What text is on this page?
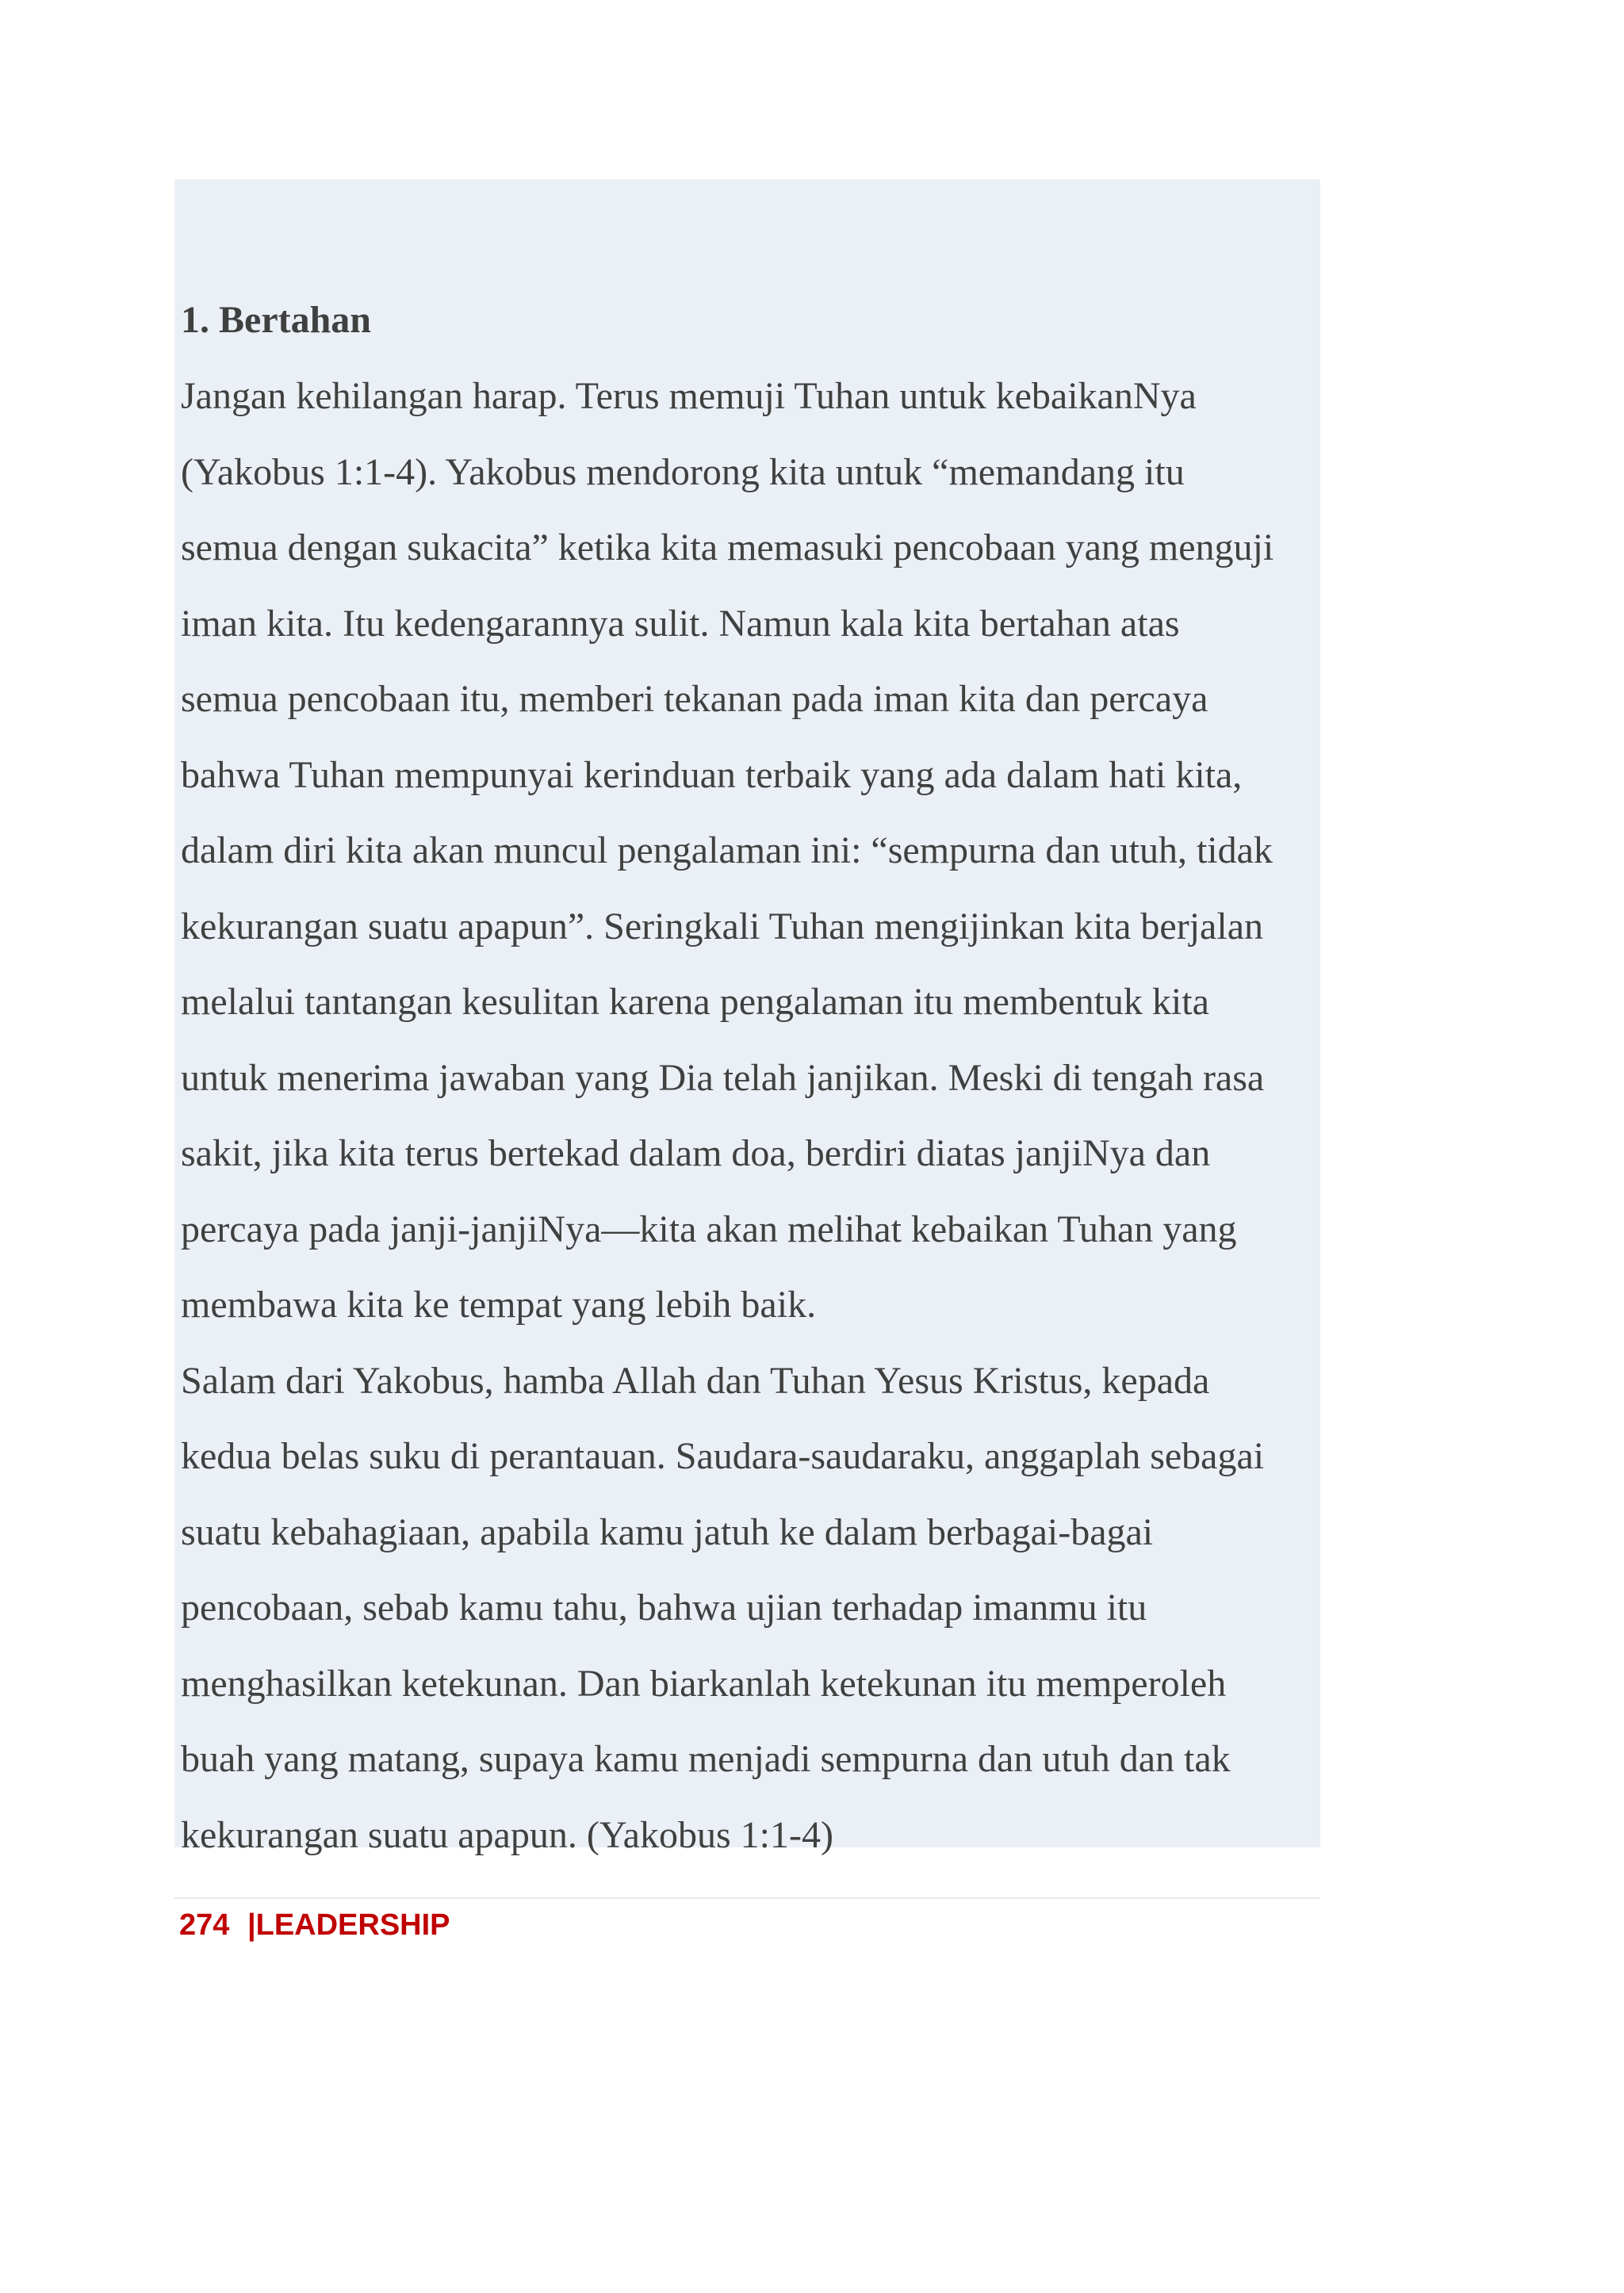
1. Bertahan

Jangan kehilangan harap. Terus memuji Tuhan untuk kebaikanNya

(Yakobus 1:1-4). Yakobus mendorong kita untuk “memandang itu

semua dengan sukacita” ketika kita memasuki pencobaan yang menguji

iman kita. Itu kedengarannya sulit. Namun kala kita bertahan atas

semua pencobaan itu, memberi tekanan pada iman kita dan percaya

bahwa Tuhan mempunyai kerinduan terbaik yang ada dalam hati kita,

dalam diri kita akan muncul pengalaman ini: “sempurna dan utuh, tidak

kekurangan suatu apapun”. Seringkali Tuhan mengijinkan kita berjalan

melalui tantangan kesulitan karena pengalaman itu membentuk kita

untuk menerima jawaban yang Dia telah janjikan. Meski di tengah rasa

sakit, jika kita terus bertekad dalam doa, berdiri diatas janjiNya dan

percaya pada janji-janjiNya—kita akan melihat kebaikan Tuhan yang

membawa kita ke tempat yang lebih baik.

Salam dari Yakobus, hamba Allah dan Tuhan Yesus Kristus, kepada

kedua belas suku di perantauan. Saudara-saudaraku, anggaplah sebagai

suatu kebahagiaan, apabila kamu jatuh ke dalam berbagai-bagai

pencobaan, sebab kamu tahu, bahwa ujian terhadap imanmu itu

menghasilkan ketekunan. Dan biarkanlah ketekunan itu memperoleh

buah yang matang, supaya kamu menjadi sempurna dan utuh dan tak

kekurangan suatu apapun. (Yakobus 1:1-4)

274 |LEADERSHIP
